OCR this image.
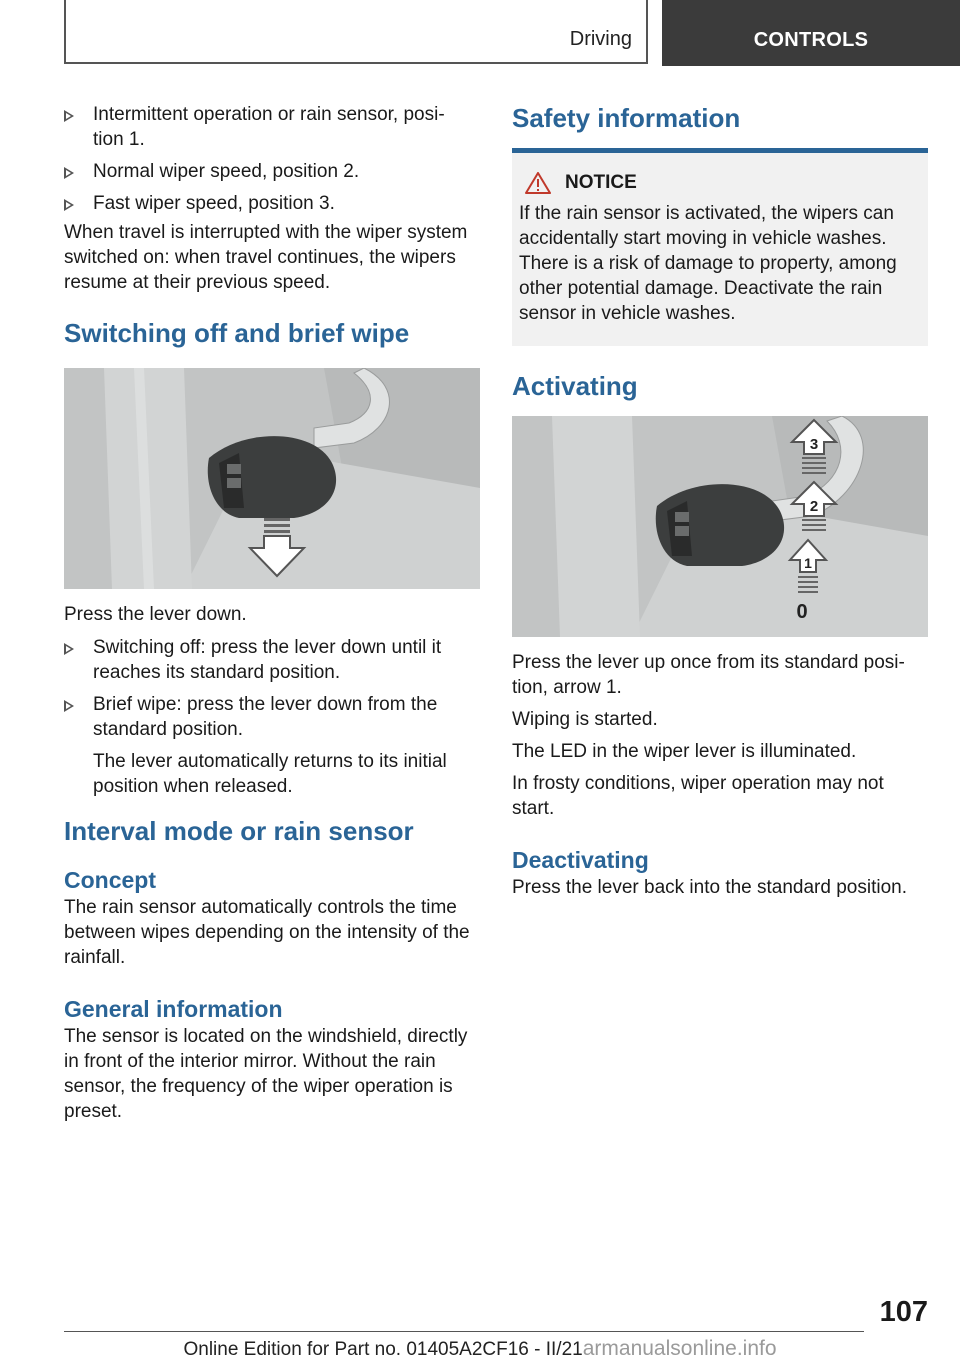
Driving	CONTROLS
Intermittent operation or rain sensor, posi‐ tion 1.
Normal wiper speed, position 2.
Fast wiper speed, position 3.

When travel is interrupted with the wiper system switched on: when travel continues, the wipers resume at their previous speed.

Switching off and brief wipe

Press the lever down.

Switching off: press the lever down until it reaches its standard position.
Brief wipe: press the lever down from the standard position.
The lever automatically returns to its initial position when released.
Interval mode or rain sensor
Concept

The rain sensor automatically controls the time between wipes depending on the intensity of the rainfall.

General information

The sensor is located on the windshield, directly in front of the interior mirror. Without the rain sensor, the frequency of the wiper operation is preset.

Safety information
NOTICE

If the rain sensor is activated, the wipers can accidentally start moving in vehicle washes. There is a risk of damage to property, among other potential damage. Deactivate the rain sensor in vehicle washes.

Activating
3
2
1
0

Press the lever up once from its standard posi‐ tion, arrow 1.

Wiping is started.

The LED in the wiper lever is illuminated.

In frosty conditions, wiper operation may not start.

Deactivating

Press the lever back into the standard position.

107
Online Edition for Part no. 01405A2CF16 - II/21armanualsonline.info
